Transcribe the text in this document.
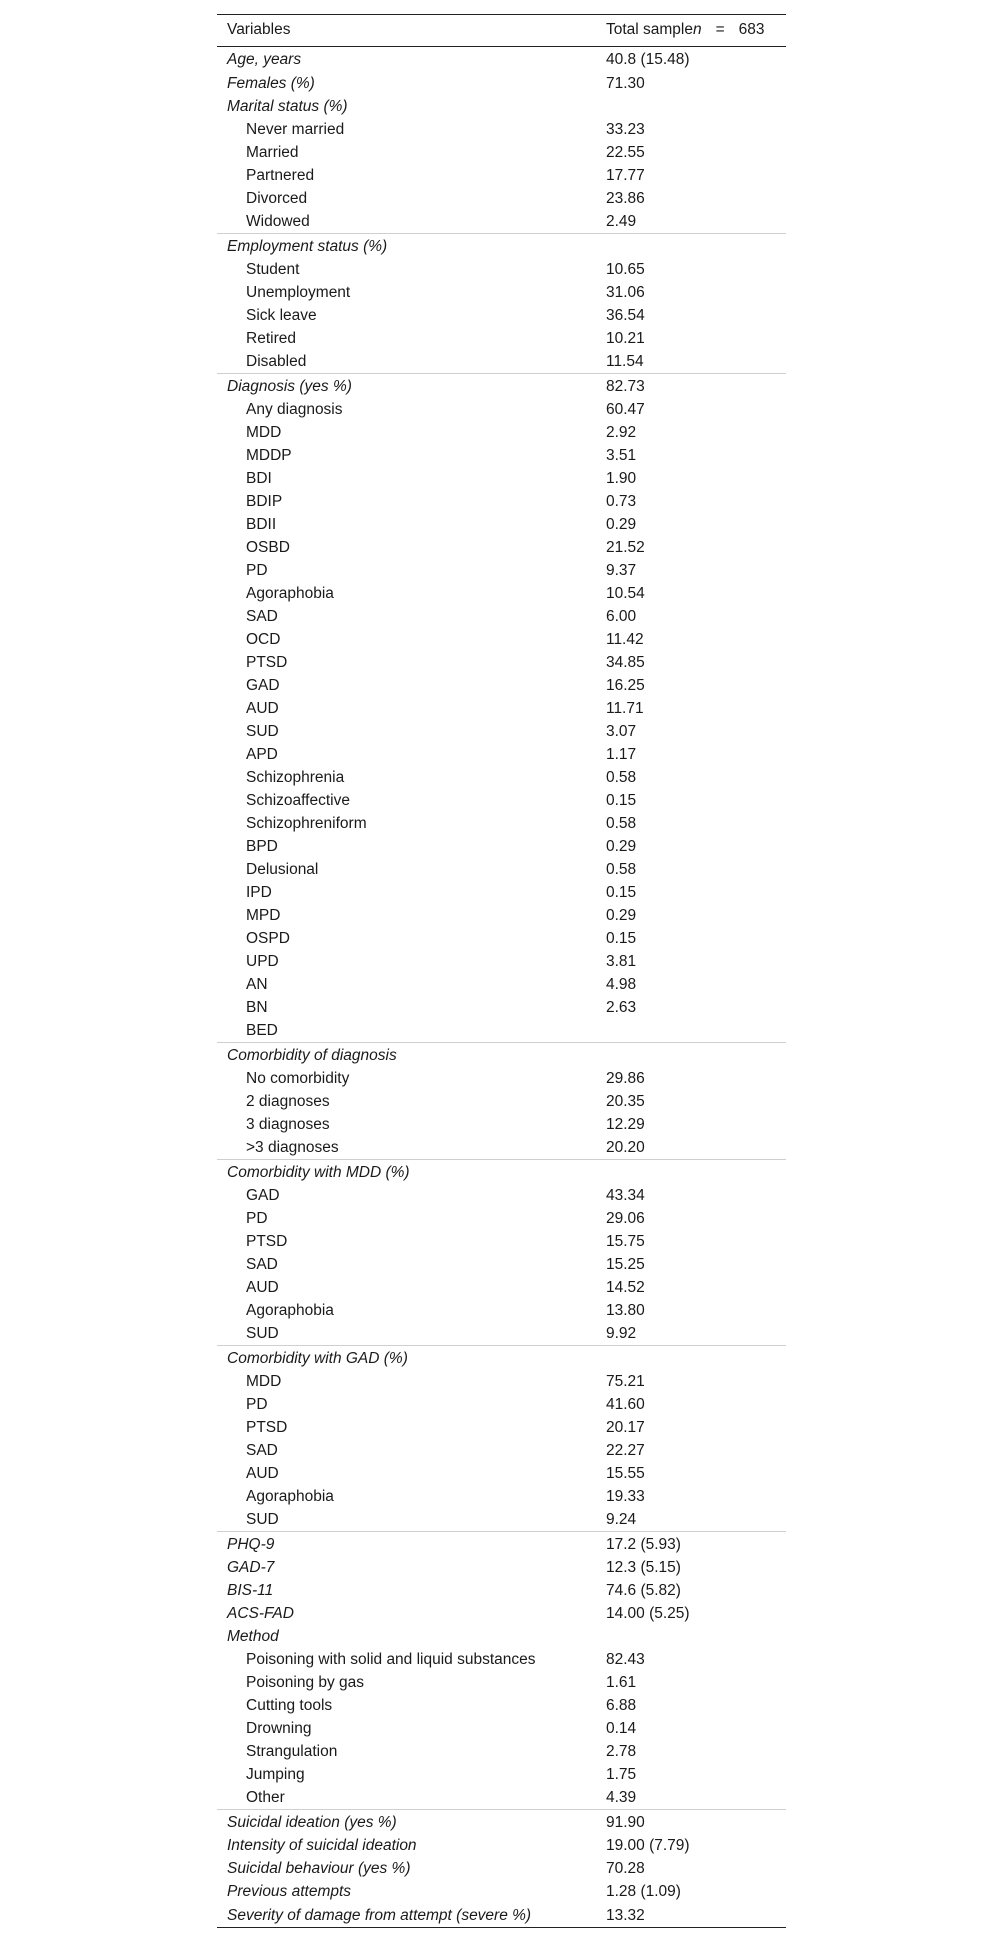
Variables	Total samplen = 683
Age, years	40.8 (15.48)
Females (%)	71.30
Marital status (%)	
Never married	33.23
Married	22.55
Partnered	17.77
Divorced	23.86
Widowed	2.49
Employment status (%)	
Student	10.65
Unemployment	31.06
Sick leave	36.54
Retired	10.21
Disabled	11.54
Diagnosis (yes %)	82.73
Any diagnosis	60.47
MDD	2.92
MDDP	3.51
BDI	1.90
BDIP	0.73
BDII	0.29
OSBD	21.52
PD	9.37
Agoraphobia	10.54
SAD	6.00
OCD	11.42
PTSD	34.85
GAD	16.25
AUD	11.71
SUD	3.07
APD	1.17
Schizophrenia	0.58
Schizoaffective	0.15
Schizophreniform	0.58
BPD	0.29
Delusional	0.58
IPD	0.15
MPD	0.29
OSPD	0.15
UPD	3.81
AN	4.98
BN	2.63
BED	
Comorbidity of diagnosis	
No comorbidity	29.86
2 diagnoses	20.35
3 diagnoses	12.29
>3 diagnoses	20.20
Comorbidity with MDD (%)	
GAD	43.34
PD	29.06
PTSD	15.75
SAD	15.25
AUD	14.52
Agoraphobia	13.80
SUD	9.92
Comorbidity with GAD (%)	
MDD	75.21
PD	41.60
PTSD	20.17
SAD	22.27
AUD	15.55
Agoraphobia	19.33
SUD	9.24
PHQ-9	17.2 (5.93)
GAD-7	12.3 (5.15)
BIS-11	74.6 (5.82)
ACS-FAD	14.00 (5.25)
Method	
Poisoning with solid and liquid substances	82.43
Poisoning by gas	1.61
Cutting tools	6.88
Drowning	0.14
Strangulation	2.78
Jumping	1.75
Other	4.39
Suicidal ideation (yes %)	91.90
Intensity of suicidal ideation	19.00 (7.79)
Suicidal behaviour (yes %)	70.28
Previous attempts	1.28 (1.09)
Severity of damage from attempt (severe %)	13.32
